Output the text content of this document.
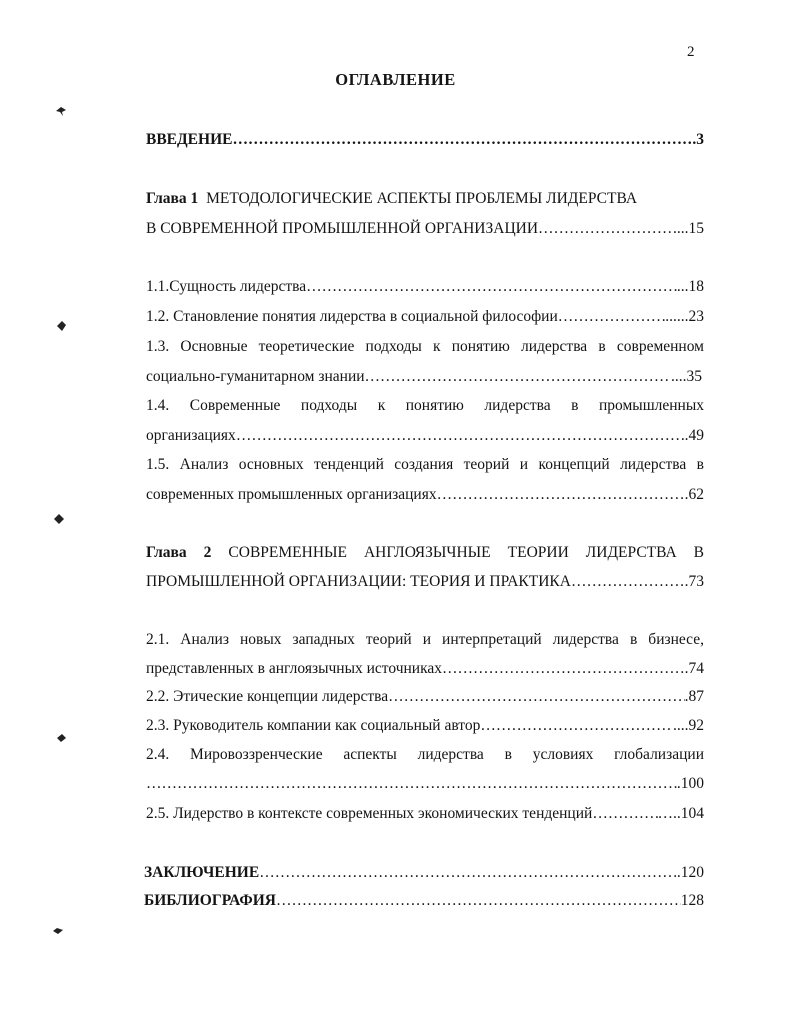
2
ОГЛАВЛЕНИЕ
ВВЕДЕНИЕ ………………………………………………………………………………………………………………………………………………………………………………………	.3
Глава 1 МЕТОДОЛОГИЧЕСКИЕ АСПЕКТЫ ПРОБЛЕМЫ ЛИДЕРСТВА
В СОВРЕМЕННОЙ ПРОМЫШЛЕННОЙ ОРГАНИЗАЦИИ ………………………………………………………………………………………………………………………………………………………………………………………	...15
1.1.Сущность лидерства ………………………………………………………………………………………………………………………………………………………………………………………	...18
1.2. Становление понятия лидерства в социальной философии ………………………………………………………………………………………………………………………………………………………………………………………	......23
1.3. Основные теоретические подходы к понятию лидерства в современном
социально-гуманитарном знании ………………………………………………………………………………………………………………………………………………………………………………………	....35
1.4. Современные подходы к понятию лидерства в промышленных
организациях ………………………………………………………………………………………………………………………………………………………………………………………	.49
1.5. Анализ основных тенденций создания теорий и концепций лидерства в
современных промышленных организациях ………………………………………………………………………………………………………………………………………………………………………………………	.62
Глава 2 СОВРЕМЕННЫЕ АНГЛОЯЗЫЧНЫЕ ТЕОРИИ ЛИДЕРСТВА В
ПРОМЫШЛЕННОЙ ОРГАНИЗАЦИИ: ТЕОРИЯ И ПРАКТИКА ………………………………………………………………………………………………………………………………………………………………………………………	.73
2.1. Анализ новых западных теорий и интерпретаций лидерства в бизнесе,
представленных в англоязычных источниках ………………………………………………………………………………………………………………………………………………………………………………………	.74
2.2. Этические концепции лидерства ………………………………………………………………………………………………………………………………………………………………………………………	.87
2.3. Руководитель компании как социальный автор ………………………………………………………………………………………………………………………………………………………………………………………	....92
2.4. Мировоззренческие аспекты лидерства в условиях глобализации
………………………………………………………………………………………………………………………………………………………………………………………
.100
2.5. Лидерство в контексте современных экономических тенденций ………………………………………………………………………………………………………………………………………………………………………………………	…..104
ЗАКЛЮЧЕНИЕ ………………………………………………………………………………………………………………………………………………………………………………………	.120
БИБЛИОГРАФИЯ ………………………………………………………………………………………………………………………………………………………………………………………	128
